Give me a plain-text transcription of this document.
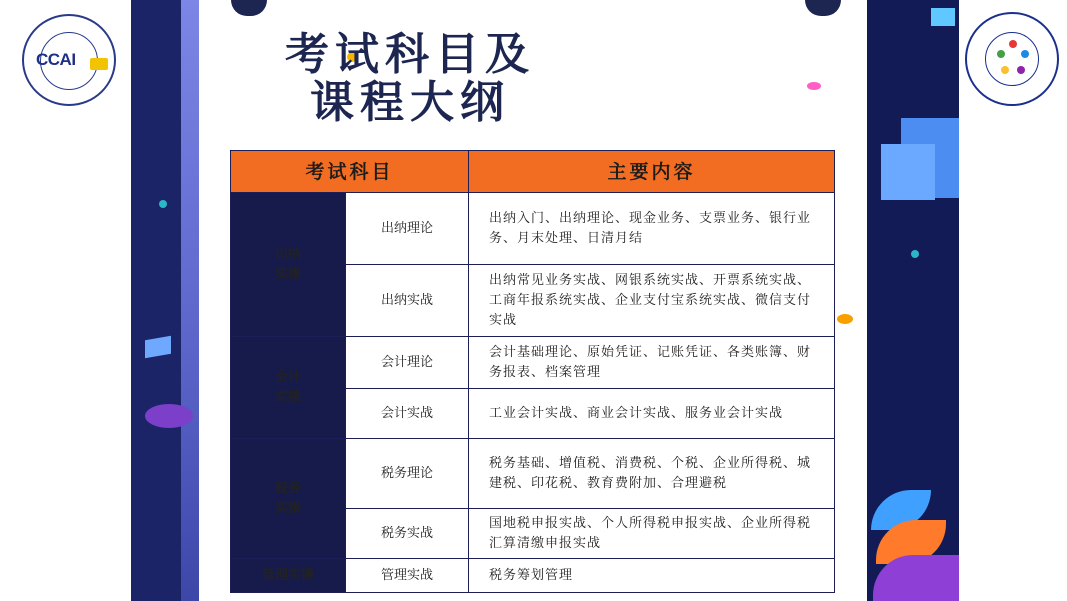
CCAI	考试科目及
课程大纲
考试科目		主要内容

出纳
实操	出纳理论	出纳入门、出纳理论、现金业务、支票业务、银行业务、月末处理、日清月结
	出纳实战	出纳常见业务实战、网银系统实战、开票系统实战、工商年报系统实战、企业支付宝系统实战、微信支付实战

会计
实操	会计理论	会计基础理论、原始凭证、记账凭证、各类账簿、财务报表、档案管理
	会计实战	工业会计实战、商业会计实战、服务业会计实战

税务
实操	税务理论	税务基础、增值税、消费税、个税、企业所得税、城建税、印花税、教育费附加、合理避税
	税务实战	国地税申报实战、个人所得税申报实战、企业所得税汇算清缴申报实战
管理实操	管理实战	税务筹划管理
